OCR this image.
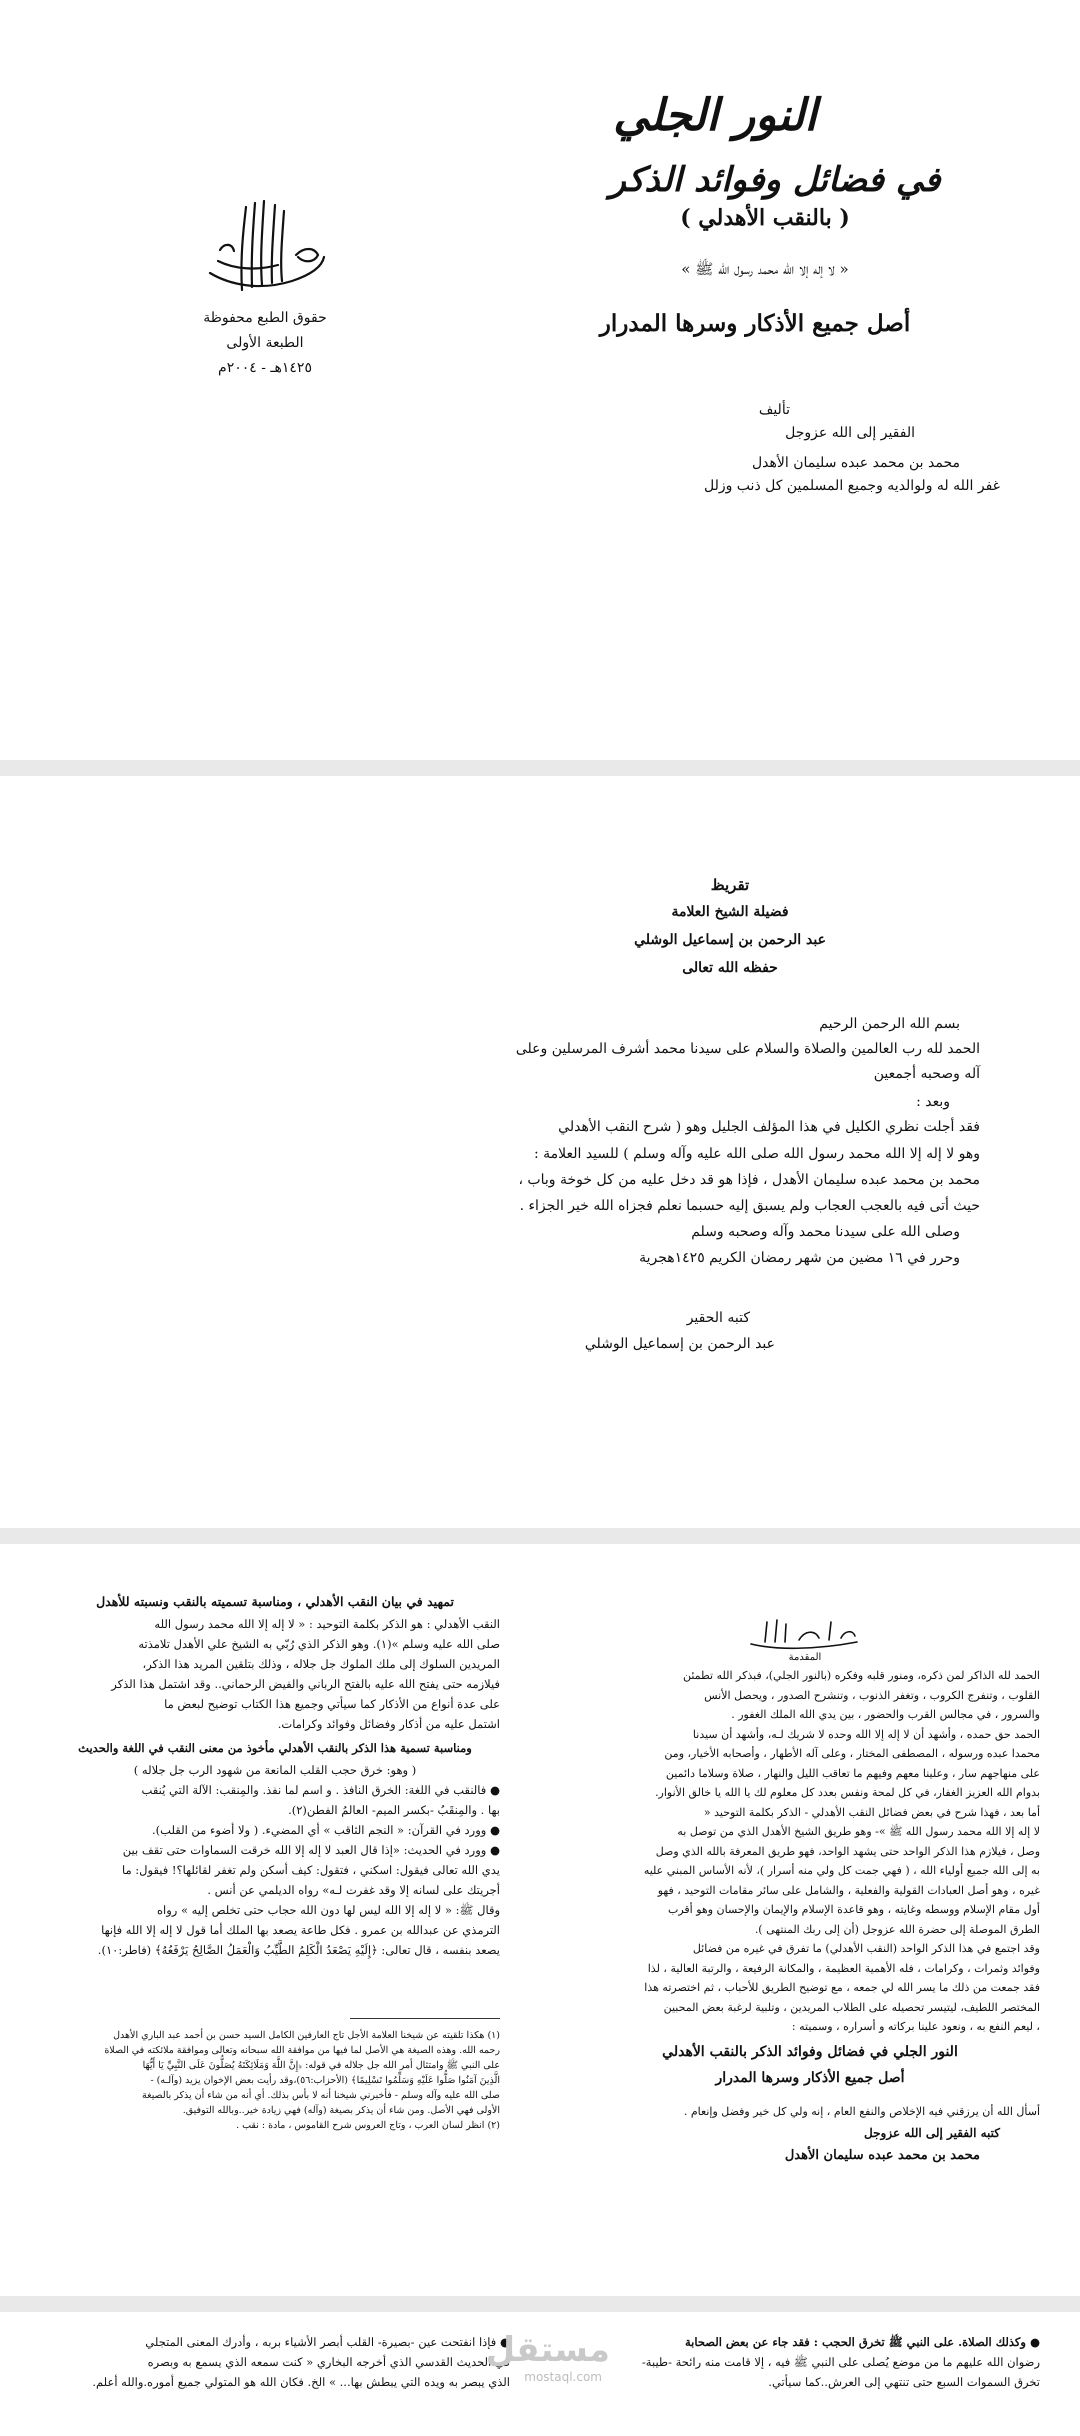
النور الجلي
في فضائل وفوائد الذكر
( بالنقب الأهدلي )
« لا إله إلا الله محمد رسول الله ﷺ »
أصل جميع الأذكار وسرها المدرار
تأليف
الفقير إلى الله عزوجل
محمد بن محمد عبده سليمان الأهدل
غفر الله له ولوالديه وجميع المسلمين كل ذنب وزلل
حقوق الطبع محفوظة
الطبعة الأولى
١٤٢٥هـ - ٢٠٠٤م
تقريظ
فضيلة الشيخ العلامة
عبد الرحمن بن إسماعيل الوشلي
حفظه الله تعالى
بسم الله الرحمن الرحيم
الحمد لله رب العالمين والصلاة والسلام على سيدنا محمد أشرف المرسلين وعلى
آله وصحبه أجمعين
وبعد :
فقد أجلت نظري الكليل في هذا المؤلف الجليل وهو ( شرح النقب الأهدلي
وهو لا إله إلا الله محمد رسول الله صلى الله عليه وآله وسلم ) للسيد العلامة :
محمد بن محمد عبده سليمان الأهدل ، فإذا هو قد دخل عليه من كل خوخة وباب ،
حيث أتى فيه بالعجب العجاب ولم يسبق إليه حسبما نعلم فجزاه الله خير الجزاء .
وصلى الله على سيدنا محمد وآله وصحبه وسلم
وحرر في ١٦ مضين من شهر رمضان الكريم ١٤٢٥هجرية
كتبه الحقير
عبد الرحمن بن إسماعيل الوشلي
تمهيد في بيان النقب الأهدلي ، ومناسبة تسميته بالنقب ونسبته للأهدل
النقب الأهدلي : هو الذكر بكلمة التوحيد : « لا إله إلا الله محمد رسول الله
صلى الله عليه وسلم »(١). وهو الذكر الذي رُبّي به الشيخ علي الأهدل تلامذته
المريدين السلوك إلى ملك الملوك جل جلاله ، وذلك بتلقين المريد هذا الذكر،
فيلازمه حتى يفتح الله عليه بالفتح الرباني والفيض الرحماني.. وقد اشتمل هذا الذكر
على عدة أنواع من الأذكار كما سيأتي وجميع هذا الكتاب توضيح لبعض ما
اشتمل عليه من أذكار وفضائل وفوائد وكرامات.
ومناسبة تسمية هذا الذكر بالنقب الأهدلي مأخوذ من معنى النقب في اللغة والحديث
( وهو: خرق حجب القلب المانعة من شهود الرب جل جلاله )
● فالنقب في اللغة: الخرق النافذ . و اسم لما نفذ. والمِنقب: الآلة التي يُنقب
بها . والمِنقَبُ -بكسر الميم- العالمُ الفطن(٢).
● وورد في القرآن: « النجم الثاقب » أي المضيء. ( ولا أضوء من القلب).
● وورد في الحديث: «إذا قال العبد لا إله إلا الله خرقت السماوات حتى تقف بين
يدي الله تعالى فيقول: اسكني ، فتقول: كيف أسكن ولم تغفر لقائلها؟! فيقول: ما
أجريتك على لسانه إلا وقد غفرت لـه» رواه الديلمي عن أنس .
وقال ﷺ: « لا إله إلا الله ليس لها دون الله حجاب حتى تخلص إليه » رواه
الترمذي عن عبدالله بن عمرو . فكل طاعة يصعد بها الملك أما قول لا إله إلا الله فإنها
يصعد بنفسه ، قال تعالى: ﴿إِلَيْهِ يَصْعَدُ الْكَلِمُ الطَّيِّبُ وَالْعَمَلُ الصَّالِحُ يَرْفَعُهُ﴾ (فاطر:١٠).
(١) هكذا تلقيته عن شيخنا العلامة الأجل تاج العارفين الكامل السيد حسن بن أحمد عبد الباري الأهدل
رحمه الله. وهذه الصيغة هي الأصل لما فيها من موافقة الله سبحانه وتعالى وموافقة ملائكته في الصلاة
على النبي ﷺ وامتثال أمر الله جل جلاله في قوله: ﴿إِنَّ اللَّهَ وَمَلَائِكَتَهُ يُصَلُّونَ عَلَى النَّبِيِّ يَا أَيُّهَا
الَّذِينَ آمَنُوا صَلُّوا عَلَيْهِ وَسَلِّمُوا تَسْلِيمًا﴾ (الأحزاب:٥٦)،وقد رأيت بعض الإخوان يزيد (وآلـه) -
صلى الله عليه وآله وسلم - فأخبرني شيخنا أنه لا بأس بذلك. أي أنه من شاء أن يذكر بالصيغة
الأولى فهي الأصل. ومن شاء أن يذكر بصيغة (وآله) فهي زيادة خير..وبالله التوفيق.
(٢) انظر لسان العرب ، وتاج العروس شرح القاموس ، مادة : نقب .
المقدمة
الحمد لله الذاكر لمن ذكره، ومنور قلبه وفكره (بالنور الجلي)، فبذكر الله تطمئن
القلوب ، وتنفرج الكروب ، وتغفر الذنوب ، وتنشرح الصدور ، ويحصل الأنس
والسرور ، في مجالس القرب والحضور ، بين يدي الله الملك الغفور .
الحمد حق حمده ، وأشهد أن لا إله إلا الله وحده لا شريك لـه، وأشهد أن سيدنا
محمدا عبده ورسوله ، المصطفى المختار ، وعلى آله الأطهار ، وأصحابه الأخيار، ومن
على منهاجهم سار ، وعلينا معهم وفيهم ما تعاقب الليل والنهار ، صلاة وسلاما دائمين
بدوام الله العزيز الغفار، في كل لمحة ونفس بعدد كل معلوم لك يا الله يا خالق الأنوار.
أما بعد ، فهذا شرح في بعض فضائل النقب الأهدلي - الذكر بكلمة التوحيد «
لا إله إلا الله محمد رسول الله ﷺ »- وهو طريق الشيخ الأهدل الذي من توصل به
وصل ، فيلازم هذا الذكر الواحد حتى يشهد الواحد، فهو طريق المعرفة بالله الذي وصل
به إلى الله جميع أولياء الله ، ( فهي جمت كل ولي منه أسرار )، لأنه الأساس المبني عليه
غيره ، وهو أصل العبادات القولية والفعلية ، والشامل على سائر مقامات التوحيد ، فهو
أول مقام الإسلام ووسطه وغايته ، وهو قاعدة الإسلام والإيمان والإحسان وهو أقرب
الطرق الموصلة إلى حضرة الله عزوجل (أن إلى ربك المنتهى ).
وقد اجتمع في هذا الذكر الواحد (النقب الأهدلي) ما تفرق في غيره من فضائل
وفوائد وثمرات ، وكرامات ، فله الأهمية العظيمة ، والمكانة الرفيعة ، والرتبة العالية ، لذا
فقد جمعت من ذلك ما يسر الله لي جمعه ، مع توضيح الطريق للأحباب ، ثم اختصرته هذا
المختصر اللطيف، ليتيسر تحصيله على الطلاب المريدين ، وتلبية لرغبة بعض المحبين
، ليعم النفع به ، ونعود علينا بركاته و أسراره ، وسميته :
النور الجلي في فضائل وفوائد الذكر بالنقب الأهدلي
أصل جميع الأذكار وسرها المدرار
أسأل الله أن يرزقني فيه الإخلاص والنفع العام ، إنه ولي كل خير وفضل وإنعام .
كتبه الفقير إلى الله عزوجل
محمد بن محمد عبده سليمان الأهدل
● فإذا انفتحت عين -بصيرة- القلب أبصر الأشياء بربه ، وأدرك المعنى المتجلي
في الحديث القدسي الذي أخرجه البخاري « كنت سمعه الذي يسمع به وبصره
الذي يبصر به ويده التي يبطش بها... » الخ. فكان الله هو المتولي جميع أموره.والله أعلم.
● وكذلك الصلاة. على النبي ﷺ تخرق الحجب : فقد جاء عن بعض الصحابة
رضوان الله عليهم ما من موضع يُصلى على النبي ﷺ فيه ، إلا قامت منه رائحة -طيبة-
تخرق السموات السبع حتى تنتهي إلى العرش..كما سيأتي.
مستقل
mostaql.com
